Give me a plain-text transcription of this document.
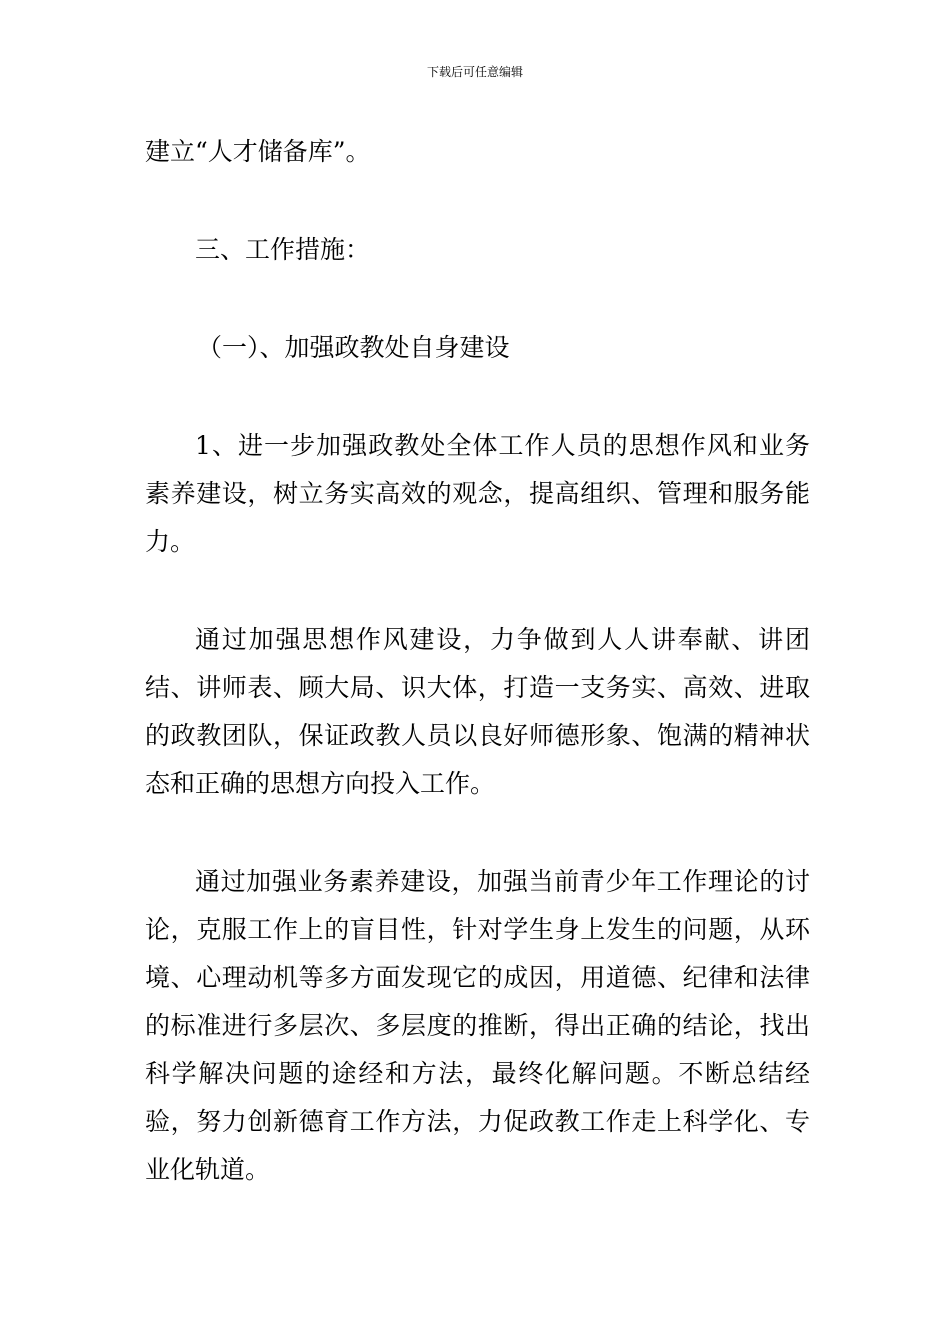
下载后可任意编辑

建立“人才储备库”。

三、工作措施：

（一）、加强政教处自身建设

1、进一步加强政教处全体工作人员的思想作风和业务素养建设，树立务实高效的观念，提高组织、管理和服务能力。

通过加强思想作风建设，力争做到人人讲奉献、讲团结、讲师表、顾大局、识大体，打造一支务实、高效、进取的政教团队，保证政教人员以良好师德形象、饱满的精神状态和正确的思想方向投入工作。

通过加强业务素养建设，加强当前青少年工作理论的讨论，克服工作上的盲目性，针对学生身上发生的问题，从环境、心理动机等多方面发现它的成因，用道德、纪律和法律的标准进行多层次、多层度的推断，得出正确的结论，找出科学解决问题的途经和方法，最终化解问题。不断总结经验，努力创新德育工作方法，力促政教工作走上科学化、专业化轨道。
